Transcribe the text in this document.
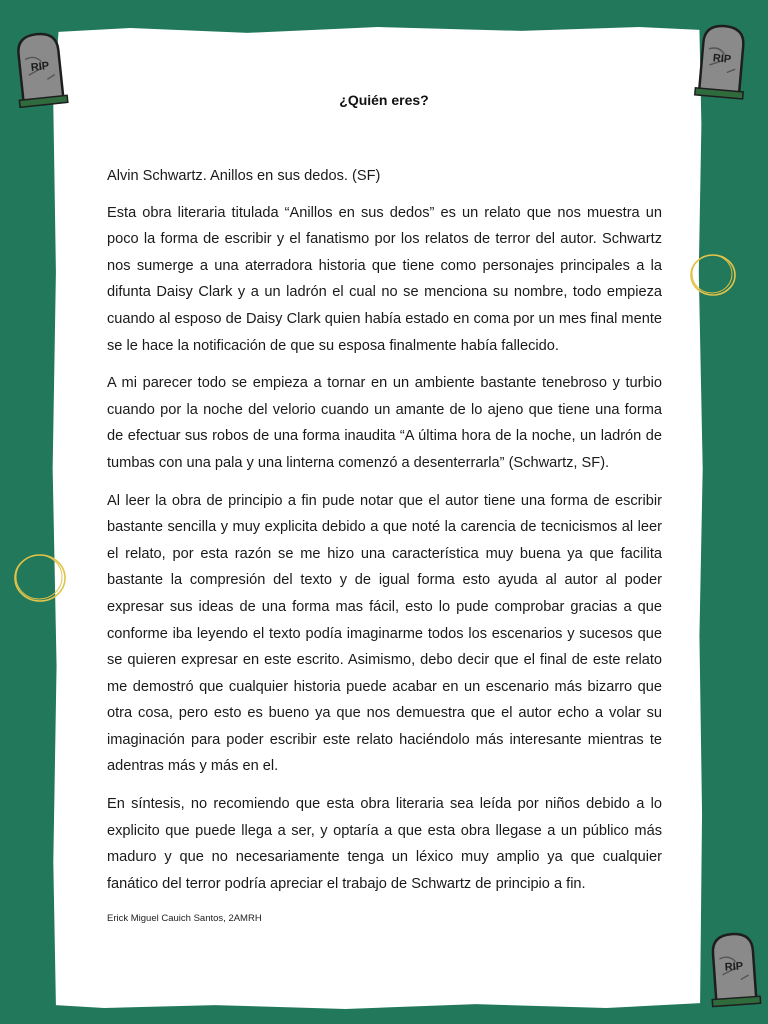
¿Quién eres?

Alvin Schwartz. Anillos en sus dedos. (SF)

Esta obra literaria titulada “Anillos en sus dedos” es un relato que nos muestra un poco la forma de escribir y el fanatismo por los relatos de terror del autor. Schwartz nos sumerge a una aterradora historia que tiene como personajes principales a la difunta Daisy Clark y a un ladrón el cual no se menciona su nombre, todo empieza cuando al esposo de Daisy Clark quien había estado en coma por un mes final mente se le hace la notificación de que su esposa finalmente había fallecido.

A mi parecer todo se empieza a tornar en un ambiente bastante tenebroso y turbio cuando por la noche del velorio cuando un amante de lo ajeno que tiene una forma de efectuar sus robos de una forma inaudita “A última hora de la noche, un ladrón de tumbas con una pala y una linterna comenzó a desenterrarla” (Schwartz, SF).

Al leer la obra de principio a fin pude notar que el autor tiene una forma de escribir bastante sencilla y muy explicita debido a que noté la carencia de tecnicismos al leer el relato, por esta razón se me hizo una característica muy buena ya que facilita bastante la compresión del texto y de igual forma esto ayuda al autor al poder expresar sus ideas de una forma mas fácil, esto lo pude comprobar gracias a que conforme iba leyendo el texto podía imaginarme todos los escenarios y sucesos que se quieren expresar en este escrito. Asimismo, debo decir que el final de este relato me demostró que cualquier historia puede acabar en un escenario más bizarro que otra cosa, pero esto es bueno ya que nos demuestra que el autor echo a volar su imaginación para poder escribir este relato haciéndolo más interesante mientras te adentras más y más en el.

En síntesis, no recomiendo que esta obra literaria sea leída por niños debido a lo explicito que puede llega a ser, y optaría a que esta obra llegase a un público más maduro y que no necesariamente tenga un léxico muy amplio ya que cualquier fanático del terror podría apreciar el trabajo de Schwartz de principio a fin.

Erick Miguel Cauich Santos, 2AMRH
RIP
RIP
RIP
